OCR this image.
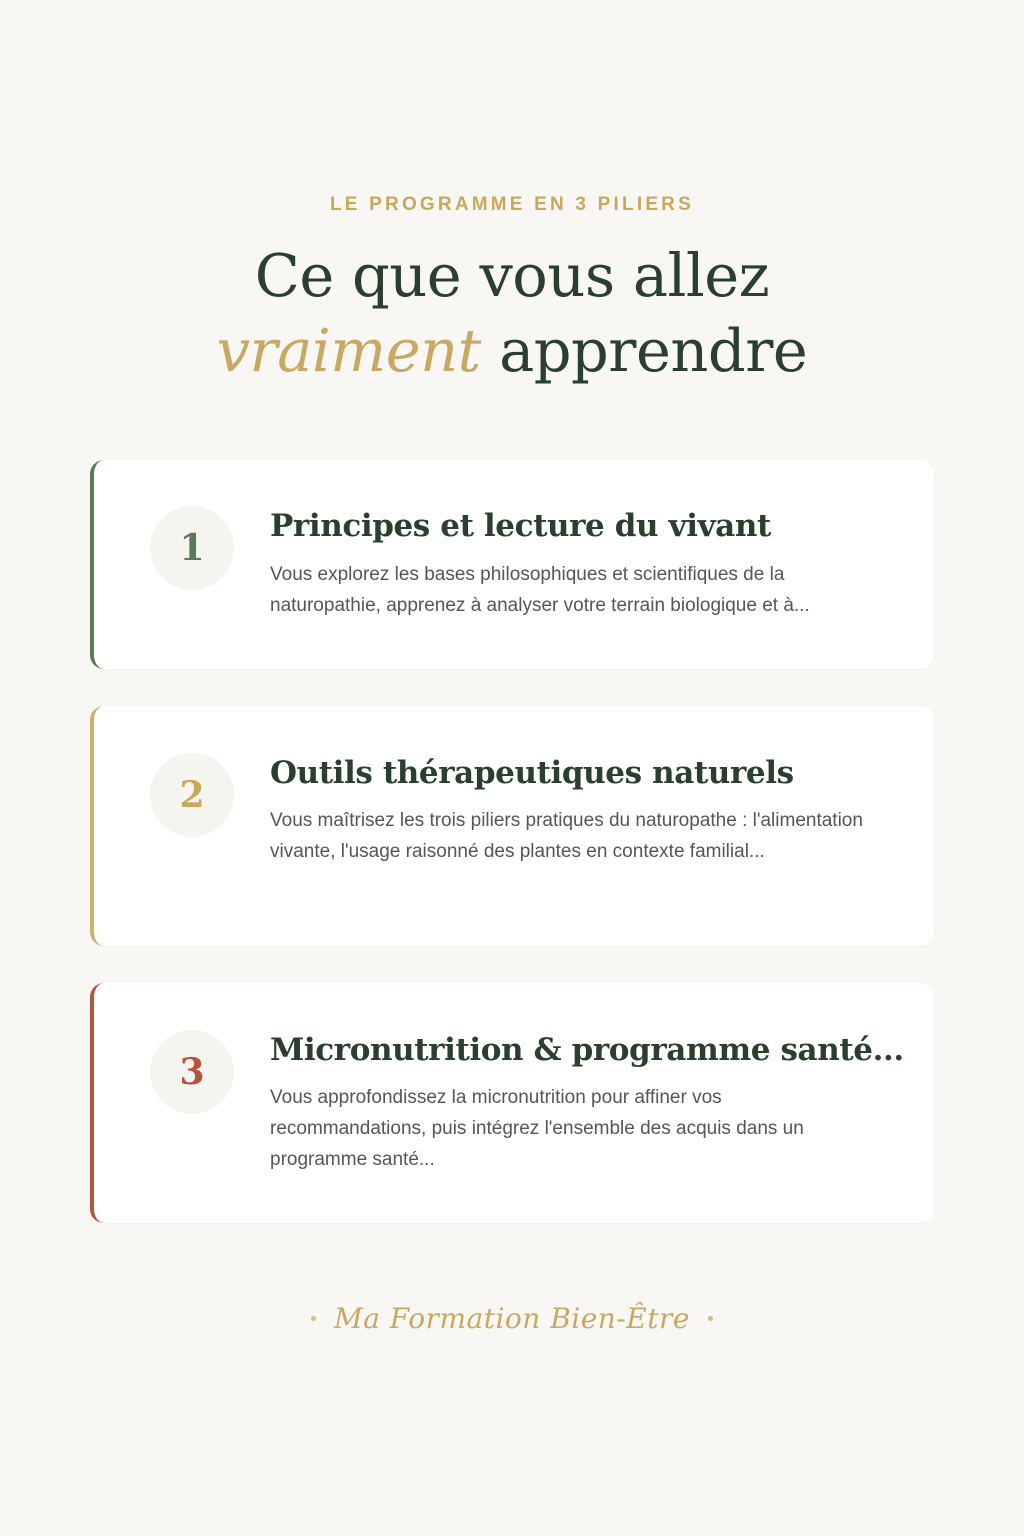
LE PROGRAMME EN 3 PILIERS
Ce que vous allez
vraiment apprendre
1
Principes et lecture du vivant

Vous explorez les bases philosophiques et scientifiques de la naturopathie, apprenez à analyser votre terrain biologique et à...

2
Outils thérapeutiques naturels

Vous maîtrisez les trois piliers pratiques du naturopathe : l'alimentation vivante, l'usage raisonné des plantes en contexte familial...

3
Micronutrition & programme santé...

Vous approfondissez la micronutrition pour affiner vos recommandations, puis intégrez l'ensemble des acquis dans un programme santé...

Ma Formation Bien-Être
